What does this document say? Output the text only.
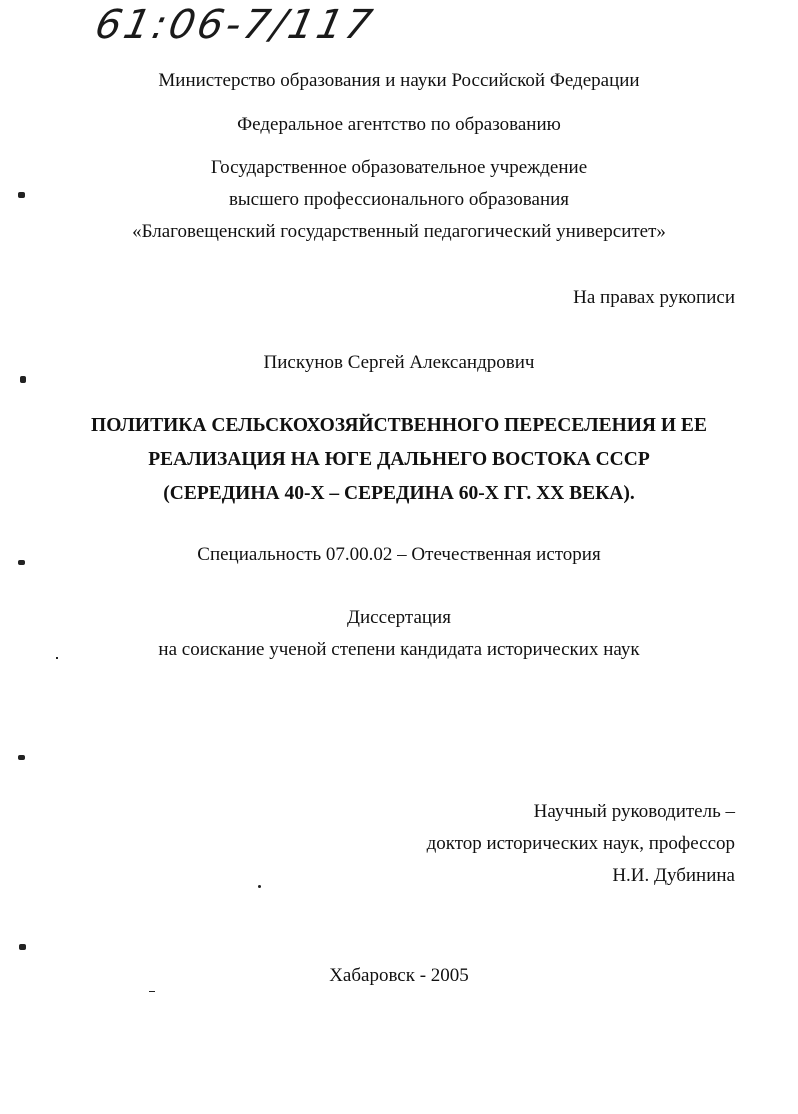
61:06-7/117
Министерство образования и науки Российской Федерации
Федеральное агентство по образованию
Государственное образовательное учреждение
высшего профессионального образования
«Благовещенский государственный педагогический университет»
На правах рукописи
Пискунов Сергей Александрович
ПОЛИТИКА СЕЛЬСКОХОЗЯЙСТВЕННОГО ПЕРЕСЕЛЕНИЯ И ЕЕ
РЕАЛИЗАЦИЯ НА ЮГЕ ДАЛЬНЕГО ВОСТОКА СССР
(СЕРЕДИНА 40-Х – СЕРЕДИНА 60-Х ГГ. ХХ ВЕКА).
Специальность 07.00.02 – Отечественная история
Диссертация
на соискание ученой степени кандидата исторических наук
Научный руководитель –
доктор исторических наук, профессор
Н.И. Дубинина
Хабаровск - 2005
